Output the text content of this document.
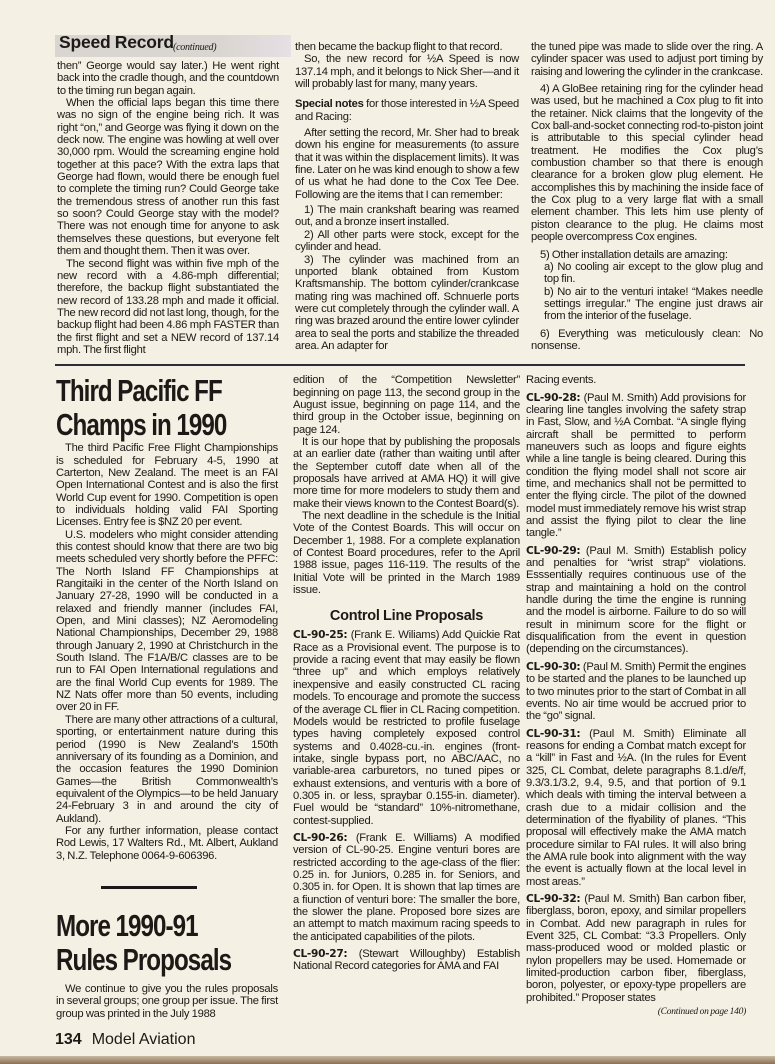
Speed Record (continued)

then” George would say later.) He went right back into the cradle though, and the countdown to the timing run began again.

When the official laps began this time there was no sign of the engine being rich. It was right “on,” and George was flying it down on the deck now. The engine was howling at well over 30,000 rpm. Would the screaming engine hold together at this pace? With the extra laps that George had flown, would there be enough fuel to complete the timing run? Could George take the tremendous stress of another run this fast so soon? Could George stay with the model? There was not enough time for anyone to ask themselves these questions, but everyone felt them and thought them. Then it was over.

The second flight was within five mph of the new record with a 4.86-mph differential; therefore, the backup flight substantiated the new record of 133.28 mph and made it official. The new record did not last long, though, for the backup flight had been 4.86 mph FASTER than the first flight and set a NEW record of 137.14 mph. The first flight

then became the backup flight to that record.

So, the new record for ½A Speed is now 137.14 mph, and it belongs to Nick Sher—and it will probably last for many, many years.

Special notes for those interested in ½A Speed and Racing:

After setting the record, Mr. Sher had to break down his engine for measurements (to assure that it was within the displacement limits). It was fine. Later on he was kind enough to show a few of us what he had done to the Cox Tee Dee. Following are the items that I can remember:

1) The main crankshaft bearing was reamed out, and a bronze insert installed.

2) All other parts were stock, except for the cylinder and head.

3) The cylinder was machined from an unported blank obtained from Kustom Kraftsmanship. The bottom cylinder/crankcase mating ring was machined off. Schnuerle ports were cut completely through the cylinder wall. A ring was brazed around the entire lower cylinder area to seal the ports and stabilize the threaded area. An adapter for

the tuned pipe was made to slide over the ring. A cylinder spacer was used to adjust port timing by raising and lowering the cylinder in the crankcase.

4) A GloBee retaining ring for the cylinder head was used, but he machined a Cox plug to fit into the retainer. Nick claims that the longevity of the Cox ball-and-socket connecting rod-to-piston joint is attributable to this special cylinder head treatment. He modifies the Cox plug’s combustion chamber so that there is enough clearance for a broken glow plug element. He accomplishes this by machining the inside face of the Cox plug to a very large flat with a small element chamber. This lets him use plenty of piston clearance to the plug. He claims most people overcompress Cox engines.

5) Other installation details are amazing:

a) No cooling air except to the glow plug and top fin.

b) No air to the venturi intake! “Makes needle settings irregular.” The engine just draws air from the interior of the fuselage.

6) Everything was meticulously clean: No nonsense.

Third Pacific FF

Champs in 1990

The third Pacific Free Flight Championships is scheduled for February 4-5, 1990 at Carterton, New Zealand. The meet is an FAI Open International Contest and is also the first World Cup event for 1990. Competition is open to individuals holding valid FAI Sporting Licenses. Entry fee is $NZ 20 per event.

U.S. modelers who might consider attending this contest should know that there are two big meets scheduled very shortly before the PFFC: The North Island FF Championships at Rangitaiki in the center of the North Island on January 27-28, 1990 will be conducted in a relaxed and friendly manner (includes FAI, Open, and Mini classes); NZ Aeromodeling National Championships, December 29, 1988 through January 2, 1990 at Christchurch in the South Island. The F1A/B/C classes are to be run to FAI Open International regulations and are the final World Cup events for 1989. The NZ Nats offer more than 50 events, including over 20 in FF.

There are many other attractions of a cultural, sporting, or entertainment nature during this period (1990 is New Zealand’s 150th anniversary of its founding as a Dominion, and the occasion features the 1990 Dominion Games—the British Commonwealth’s equivalent of the Olympics—to be held January 24-February 3 in and around the city of Aukland).

For any further information, please contact Rod Lewis, 17 Walters Rd., Mt. Albert, Aukland 3, N.Z. Telephone 0064-9-606396.

More 1990-91

Rules Proposals

We continue to give you the rules proposals in several groups; one group per issue. The first group was printed in the July 1988

edition of the “Competition Newsletter” beginning on page 113, the second group in the August issue, beginning on page 114, and the third group in the October issue, beginning on page 124.

It is our hope that by publishing the proposals at an earlier date (rather than waiting until after the September cutoff date when all of the proposals have arrived at AMA HQ) it will give more time for more modelers to study them and make their views known to the Contest Board(s).

The next deadline in the schedule is the Initial Vote of the Contest Boards. This will occur on December 1, 1988. For a complete explanation of Contest Board procedures, refer to the April 1988 issue, pages 116-119. The results of the Initial Vote will be printed in the March 1989 issue.

Control Line Proposals

CL-90-25: (Frank E. Wiliams) Add Quickie Rat Race as a Provisional event. The purpose is to provide a racing event that may easily be flown “three up” and which employs relatively inexpensive and easily constructed CL racing models. To encourage and promote the success of the average CL flier in CL Racing competition. Models would be restricted to profile fuselage types having completely exposed control systems and 0.4028-cu.-in. engines (front-intake, single bypass port, no ABC/AAC, no variable-area carburetors, no tuned pipes or exhaust extensions, and venturis with a bore of 0.305 in. or less, spraybar 0.155-in. diameter). Fuel would be “standard” 10%-nitromethane, contest-supplied.

CL-90-26: (Frank E. Williams) A modified version of CL-90-25. Engine venturi bores are restricted according to the age-class of the flier: 0.25 in. for Juniors, 0.285 in. for Seniors, and 0.305 in. for Open. It is shown that lap times are a fiunction of venturi bore: The smaller the bore, the slower the plane. Proposed bore sizes are an attempt to match maximum racing speeds to the anticipated capabilities of the pilots.

CL-90-27: (Stewart Willoughby) Establish National Record categories for AMA and FAI

Racing events.

CL-90-28: (Paul M. Smith) Add provisions for clearing line tangles involving the safety strap in Fast, Slow, and ½A Combat. “A single flying aircraft shall be permitted to perform maneuvers such as loops and figure eights while a line tangle is being cleared. During this condition the flying model shall not score air time, and mechanics shall not be permitted to enter the flying circle. The pilot of the downed model must immediately remove his wrist strap and assist the flying pilot to clear the line tangle.”

CL-90-29: (Paul M. Smith) Establish policy and penalties for “wrist strap” violations. Esssentially requires continuous use of the strap and maintaining a hold on the control handle during the time the engine is running and the model is airborne. Failure to do so will result in minimum score for the flight or disqualification from the event in question (depending on the circumstances).

CL-90-30: (Paul M. Smith) Permit the engines to be started and the planes to be launched up to two minutes prior to the start of Combat in all events. No air time would be accrued prior to the “go” signal.

CL-90-31: (Paul M. Smith) Eliminate all reasons for ending a Combat match except for a “kill” in Fast and ½A. (In the rules for Event 325, CL Combat, delete paragraphs 8.1.d/e/f, 9.3/3.1/3.2, 9.4, 9.5, and that portion of 9.1 which deals with timing the interval between a crash due to a midair collision and the determination of the flyability of planes. “This proposal will effectively make the AMA match procedure similar to FAI rules. It will also bring the AMA rule book into alignment with the way the event is actually flown at the local level in most areas.”

CL-90-32: (Paul M. Smith) Ban carbon fiber, fiberglass, boron, epoxy, and similar propellers in Combat. Add new paragraph in rules for Event 325, CL Combat: “3.3 Propellers. Only mass-produced wood or molded plastic or nylon propellers may be used. Homemade or limited-production carbon fiber, fiberglass, boron, polyester, or epoxy-type propellers are prohibited.” Proposer states

(Continued on page 140)
134 Model Aviation
